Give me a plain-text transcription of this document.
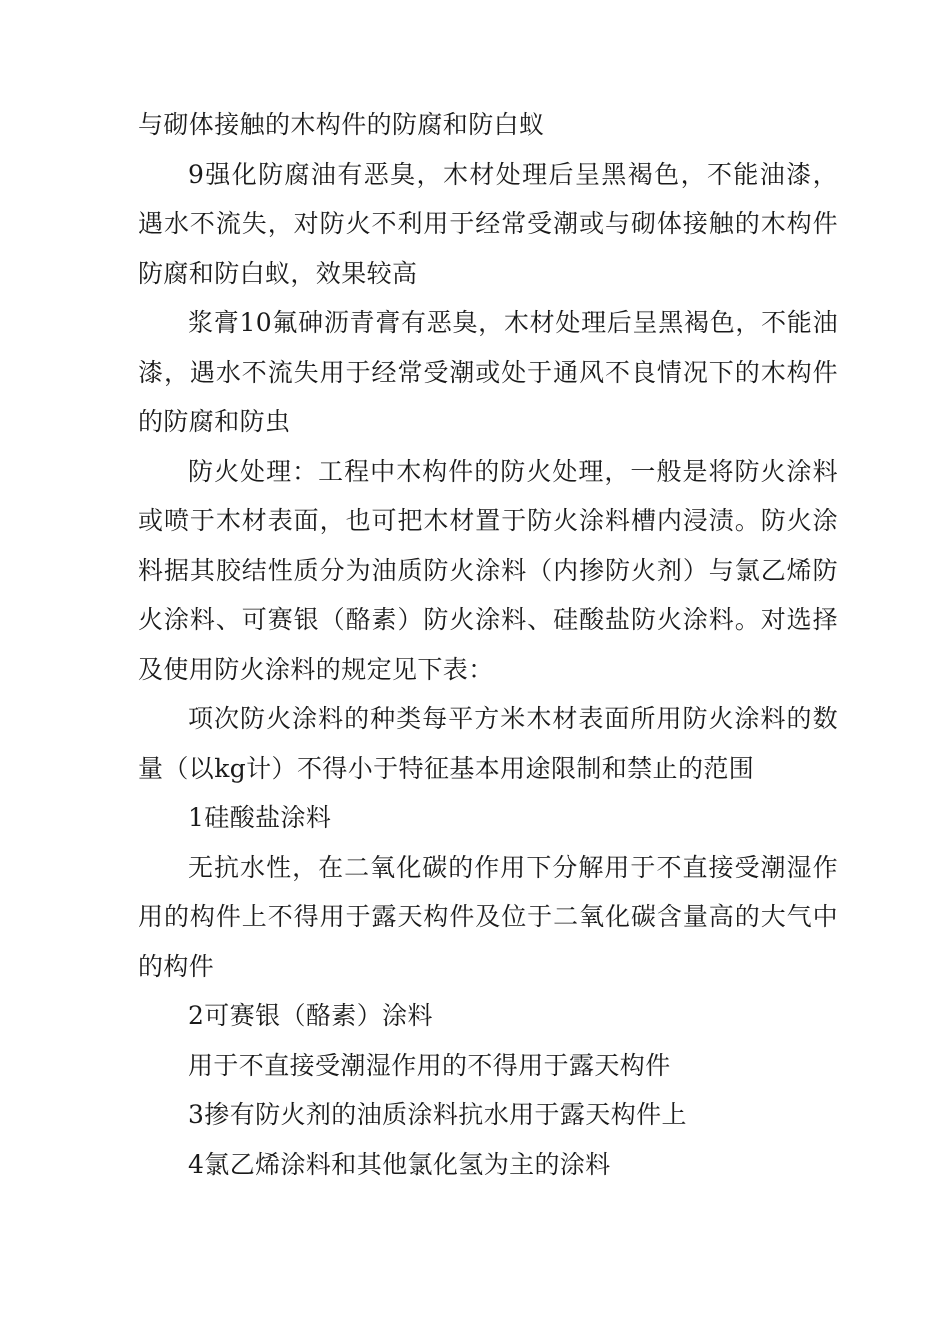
与砌体接触的木构件的防腐和防白蚁

9强化防腐油有恶臭，木材处理后呈黑褐色，不能油漆，遇水不流失，对防火不利用于经常受潮或与砌体接触的木构件防腐和防白蚁，效果较高

浆膏10氟砷沥青膏有恶臭，木材处理后呈黑褐色，不能油漆，遇水不流失用于经常受潮或处于通风不良情况下的木构件的防腐和防虫

防火处理：工程中木构件的防火处理，一般是将防火涂料或喷于木材表面，也可把木材置于防火涂料槽内浸渍。防火涂料据其胶结性质分为油质防火涂料（内掺防火剂）与氯乙烯防火涂料、可赛银（酪素）防火涂料、硅酸盐防火涂料。对选择及使用防火涂料的规定见下表：

项次防火涂料的种类每平方米木材表面所用防火涂料的数量（以kg计）不得小于特征基本用途限制和禁止的范围

1硅酸盐涂料

无抗水性，在二氧化碳的作用下分解用于不直接受潮湿作用的构件上不得用于露天构件及位于二氧化碳含量高的大气中的构件

2可赛银（酪素）涂料

用于不直接受潮湿作用的不得用于露天构件

3掺有防火剂的油质涂料抗水用于露天构件上

4氯乙烯涂料和其他氯化氢为主的涂料
